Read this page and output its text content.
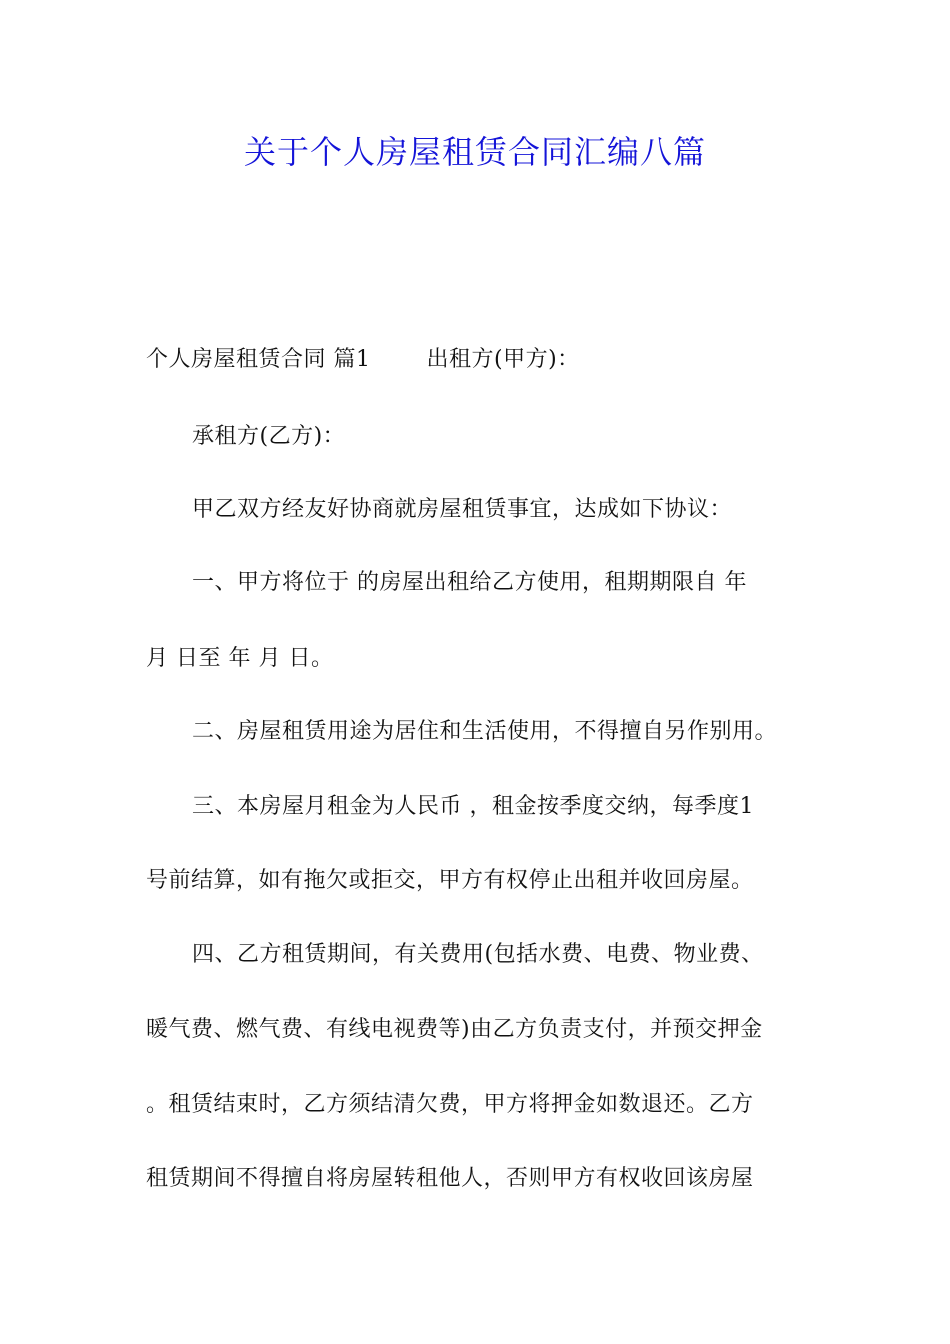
关于个人房屋租赁合同汇编八篇
个人房屋租赁合同 篇1	出租方(甲方)：
承租方(乙方)：
甲乙双方经友好协商就房屋租赁事宜，达成如下协议：
一、甲方将位于 的房屋出租给乙方使用，租期期限自 年
月 日至 年 月 日。
二、房屋租赁用途为居住和生活使用，不得擅自另作别用。
三、本房屋月租金为人民币 ，租金按季度交纳，每季度1
号前结算，如有拖欠或拒交，甲方有权停止出租并收回房屋。
四、乙方租赁期间，有关费用(包括水费、电费、物业费、
暖气费、燃气费、有线电视费等)由乙方负责支付，并预交押金
。租赁结束时，乙方须结清欠费，甲方将押金如数退还。乙方
租赁期间不得擅自将房屋转租他人，否则甲方有权收回该房屋
